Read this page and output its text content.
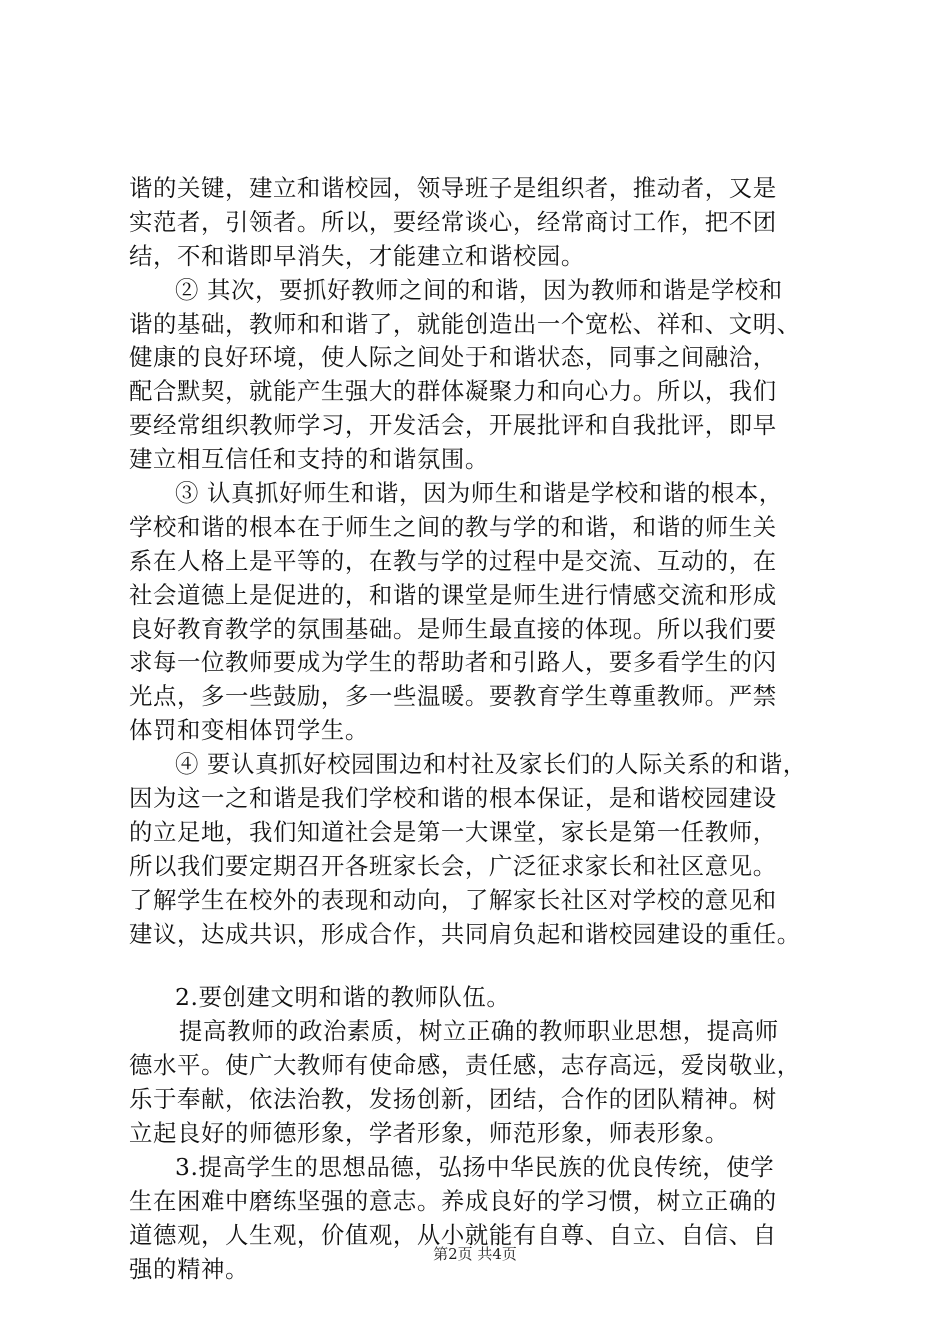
谐的关键，建立和谐校园，领导班子是组织者，推动者，又是
实范者，引领者。所以，要经常谈心，经常商讨工作，把不团
结，不和谐即早消失，才能建立和谐校园。
② 其次，要抓好教师之间的和谐，因为教师和谐是学校和
谐的基础，教师和和谐了，就能创造出一个宽松、祥和、文明、
健康的良好环境，使人际之间处于和谐状态，同事之间融洽，
配合默契，就能产生强大的群体凝聚力和向心力。所以，我们
要经常组织教师学习，开发活会，开展批评和自我批评，即早
建立相互信任和支持的和谐氛围。
③ 认真抓好师生和谐，因为师生和谐是学校和谐的根本，
学校和谐的根本在于师生之间的教与学的和谐，和谐的师生关
系在人格上是平等的，在教与学的过程中是交流、互动的，在
社会道德上是促进的，和谐的课堂是师生进行情感交流和形成
良好教育教学的氛围基础。是师生最直接的体现。所以我们要
求每一位教师要成为学生的帮助者和引路人，要多看学生的闪
光点，多一些鼓励，多一些温暖。要教育学生尊重教师。严禁
体罚和变相体罚学生。
④ 要认真抓好校园围边和村社及家长们的人际关系的和谐，
因为这一之和谐是我们学校和谐的根本保证，是和谐校园建设
的立足地，我们知道社会是第一大课堂，家长是第一任教师，
所以我们要定期召开各班家长会，广泛征求家长和社区意见。
了解学生在校外的表现和动向，了解家长社区对学校的意见和
建议，达成共识，形成合作，共同肩负起和谐校园建设的重任。
2.要创建文明和谐的教师队伍。
提高教师的政治素质，树立正确的教师职业思想，提高师
德水平。使广大教师有使命感，责任感，志存高远，爱岗敬业，
乐于奉献，依法治教，发扬创新，团结，合作的团队精神。树
立起良好的师德形象，学者形象，师范形象，师表形象。
3.提高学生的思想品德，弘扬中华民族的优良传统，使学
生在困难中磨练坚强的意志。养成良好的学习惯，树立正确的
道德观，人生观，价值观，从小就能有自尊、自立、自信、自
强的精神。
第2页 共4页
